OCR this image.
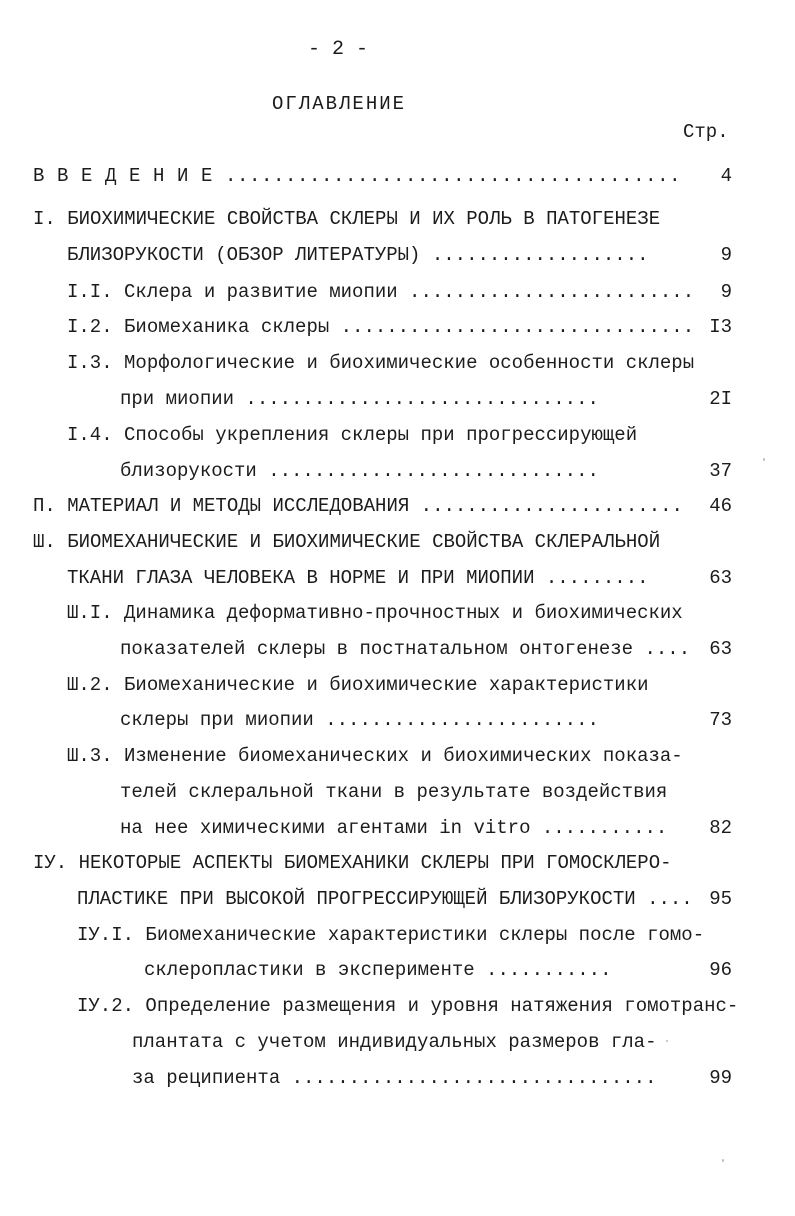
- 2 -
ОГЛАВЛЕНИЕ
Стр.
В В Е Д Е Н И Е ......................................	4
I. БИОХИМИЧЕСКИЕ СВОЙСТВА СКЛЕРЫ И ИХ РОЛЬ В ПАТОГЕНЕЗЕ
БЛИЗОРУКОСТИ (ОБЗОР ЛИТЕРАТУРЫ) ...................	9
I.I. Склера и развитие миопии .........................	9
I.2. Биомеханика склеры ............................... I3
I.3. Морфологические и биохимические особенности склеры
при миопии ...............................	2I
I.4. Способы укрепления склеры при прогрессирующей
близорукости .............................	37
П. МАТЕРИАЛ И МЕТОДЫ ИССЛЕДОВАНИЯ .......................	46
Ш. БИОМЕХАНИЧЕСКИЕ И БИОХИМИЧЕСКИЕ СВОЙСТВА СКЛЕРАЛЬНОЙ
ТКАНИ ГЛАЗА ЧЕЛОВЕКА В НОРМЕ И ПРИ МИОПИИ .........	63
Ш.I. Динамика деформативно-прочностных и биохимических
показателей склеры в постнатальном онтогенезе ....	63
Ш.2. Биомеханические и биохимические характеристики
склеры при миопии ........................	73
Ш.3. Изменение биомеханических и биохимических показа-
телей склеральной ткани в результате воздействия
на нее химическими агентами in vitro ...........	82
IУ. НЕКОТОРЫЕ АСПЕКТЫ БИОМЕХАНИКИ СКЛЕРЫ ПРИ ГОМОСКЛЕРО-
ПЛАСТИКЕ ПРИ ВЫСОКОЙ ПРОГРЕССИРУЮЩЕЙ БЛИЗОРУКОСТИ .... 95
IУ.I. Биомеханические характеристики склеры после гомо-
склеропластики в эксперименте ...........	96
IУ.2. Определение размещения и уровня натяжения гомотранс-
плантата с учетом индивидуальных размеров гла-
за реципиента ................................	99
